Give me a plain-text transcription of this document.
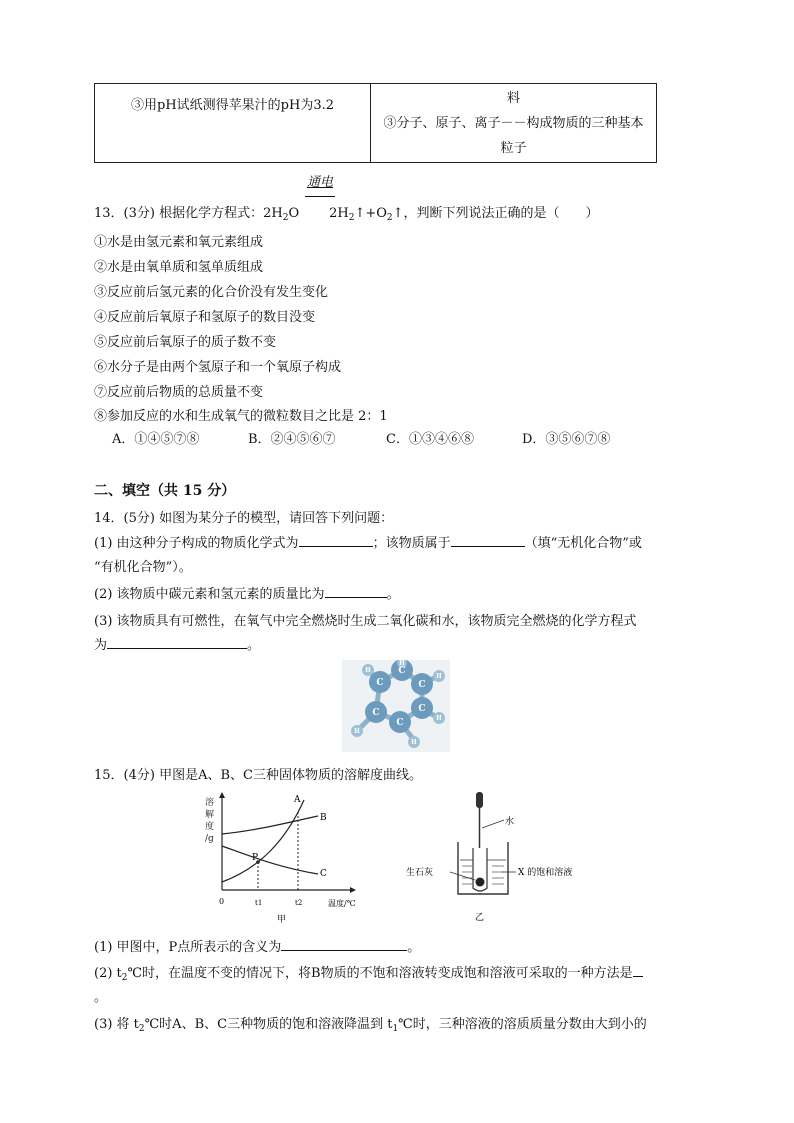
③用pH试纸测得苹果汁的pH为3.2	料
③分子、原子、离子－－构成物质的三种基本
粒子
通电
13．(3分) 根据化学方程式：$2H_2O$ $2H_2↑+O_2↑$，判断下列说法正确的是（　　）
①水是由氢元素和氧元素组成
②水是由氧单质和氢单质组成
③反应前后氢元素的化合价没有发生变化
④反应前后氧原子和氢原子的数目没变
⑤反应前后氧原子的质子数不变
⑥水分子是由两个氢原子和一个氧原子构成
⑦反应前后物质的总质量不变
⑧参加反应的水和生成氧气的微粒数目之比是 2：1
A．①④⑤⑦⑧	B．②④⑤⑥⑦	C．①③④⑥⑧	D．③⑤⑥⑦⑧
二、填空（共 15 分）
14．(5分) 如图为某分子的模型，请回答下列问题：
(1) 由这种分子构成的物质化学式为	；该物质属于	（填“无机化合物”或
“有机化合物”）。
(2) 该物质中碳元素和氢元素的质量比为	。
(3) 该物质具有可燃性，在氧气中完全燃烧时生成二氧化碳和水，该物质完全燃烧的化学方程式
为	。
C
C
C
C
C
C
H
H
H
H
H
H
15．(4分) 甲图是A、B、C三种固体物质的溶解度曲线。
溶
解
度
/g
0	t1	t2	温度/℃
甲
P
A
B
C
水
生石灰	X 的饱和溶液
乙
(1) 甲图中，P点所表示的含义为	。
(2) $t_2℃$时，在温度不变的情况下，将B物质的不饱和溶液转变成饱和溶液可采取的一种方法是
。
(3) 将 $t_2℃$时A、B、C三种物质的饱和溶液降温到 $t_1℃$时，三种溶液的溶质质量分数由大到小的
